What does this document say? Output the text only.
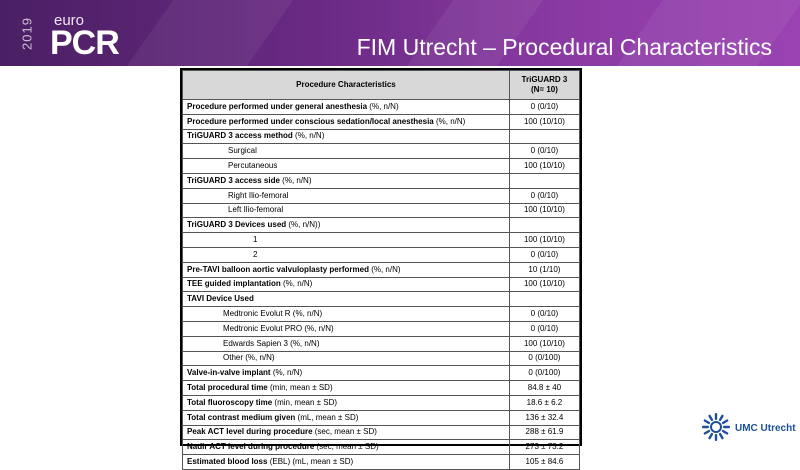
2019 euro
PCR	FIM Utrecht – Procedural Characteristics
Procedure Characteristics	TriGUARD 3
(N= 10)
Procedure performed under general anesthesia (%, n/N)	0 (0/10)
Procedure performed under conscious sedation/local anesthesia (%, n/N)	100 (10/10)
TriGUARD 3 access method (%, n/N)	
Surgical	0 (0/10)
Percutaneous	100 (10/10)
TriGUARD 3 access side (%, n/N)	
Right Ilio-femoral	0 (0/10)
Left Ilio-femoral	100 (10/10)
TriGUARD 3 Devices used (%, n/N))	
1	100 (10/10)
2	0 (0/10)
Pre-TAVI balloon aortic valvuloplasty performed (%, n/N)	10 (1/10)
TEE guided implantation (%, n/N)	100 (10/10)
TAVI Device Used	
Medtronic Evolut R (%, n/N)	0 (0/10)
Medtronic Evolut PRO (%, n/N)	0 (0/10)
Edwards Sapien 3 (%, n/N)	100 (10/10)
Other (%, n/N)	0 (0/100)
Valve-in-valve implant (%, n/N)	0 (0/100)
Total procedural time (min, mean ± SD)	84.8 ± 40
Total fluoroscopy time (min, mean ± SD)	18.6 ± 6.2
Total contrast medium given (mL, mean ± SD)	136 ± 32.4
Peak ACT level during procedure (sec, mean ± SD)	288 ± 61.9
Nadir ACT level during procedure (sec, mean ± SD)	273 ± 73.2
Estimated blood loss (EBL) (mL, mean ± SD)	105 ± 84.6
UMC Utrecht
